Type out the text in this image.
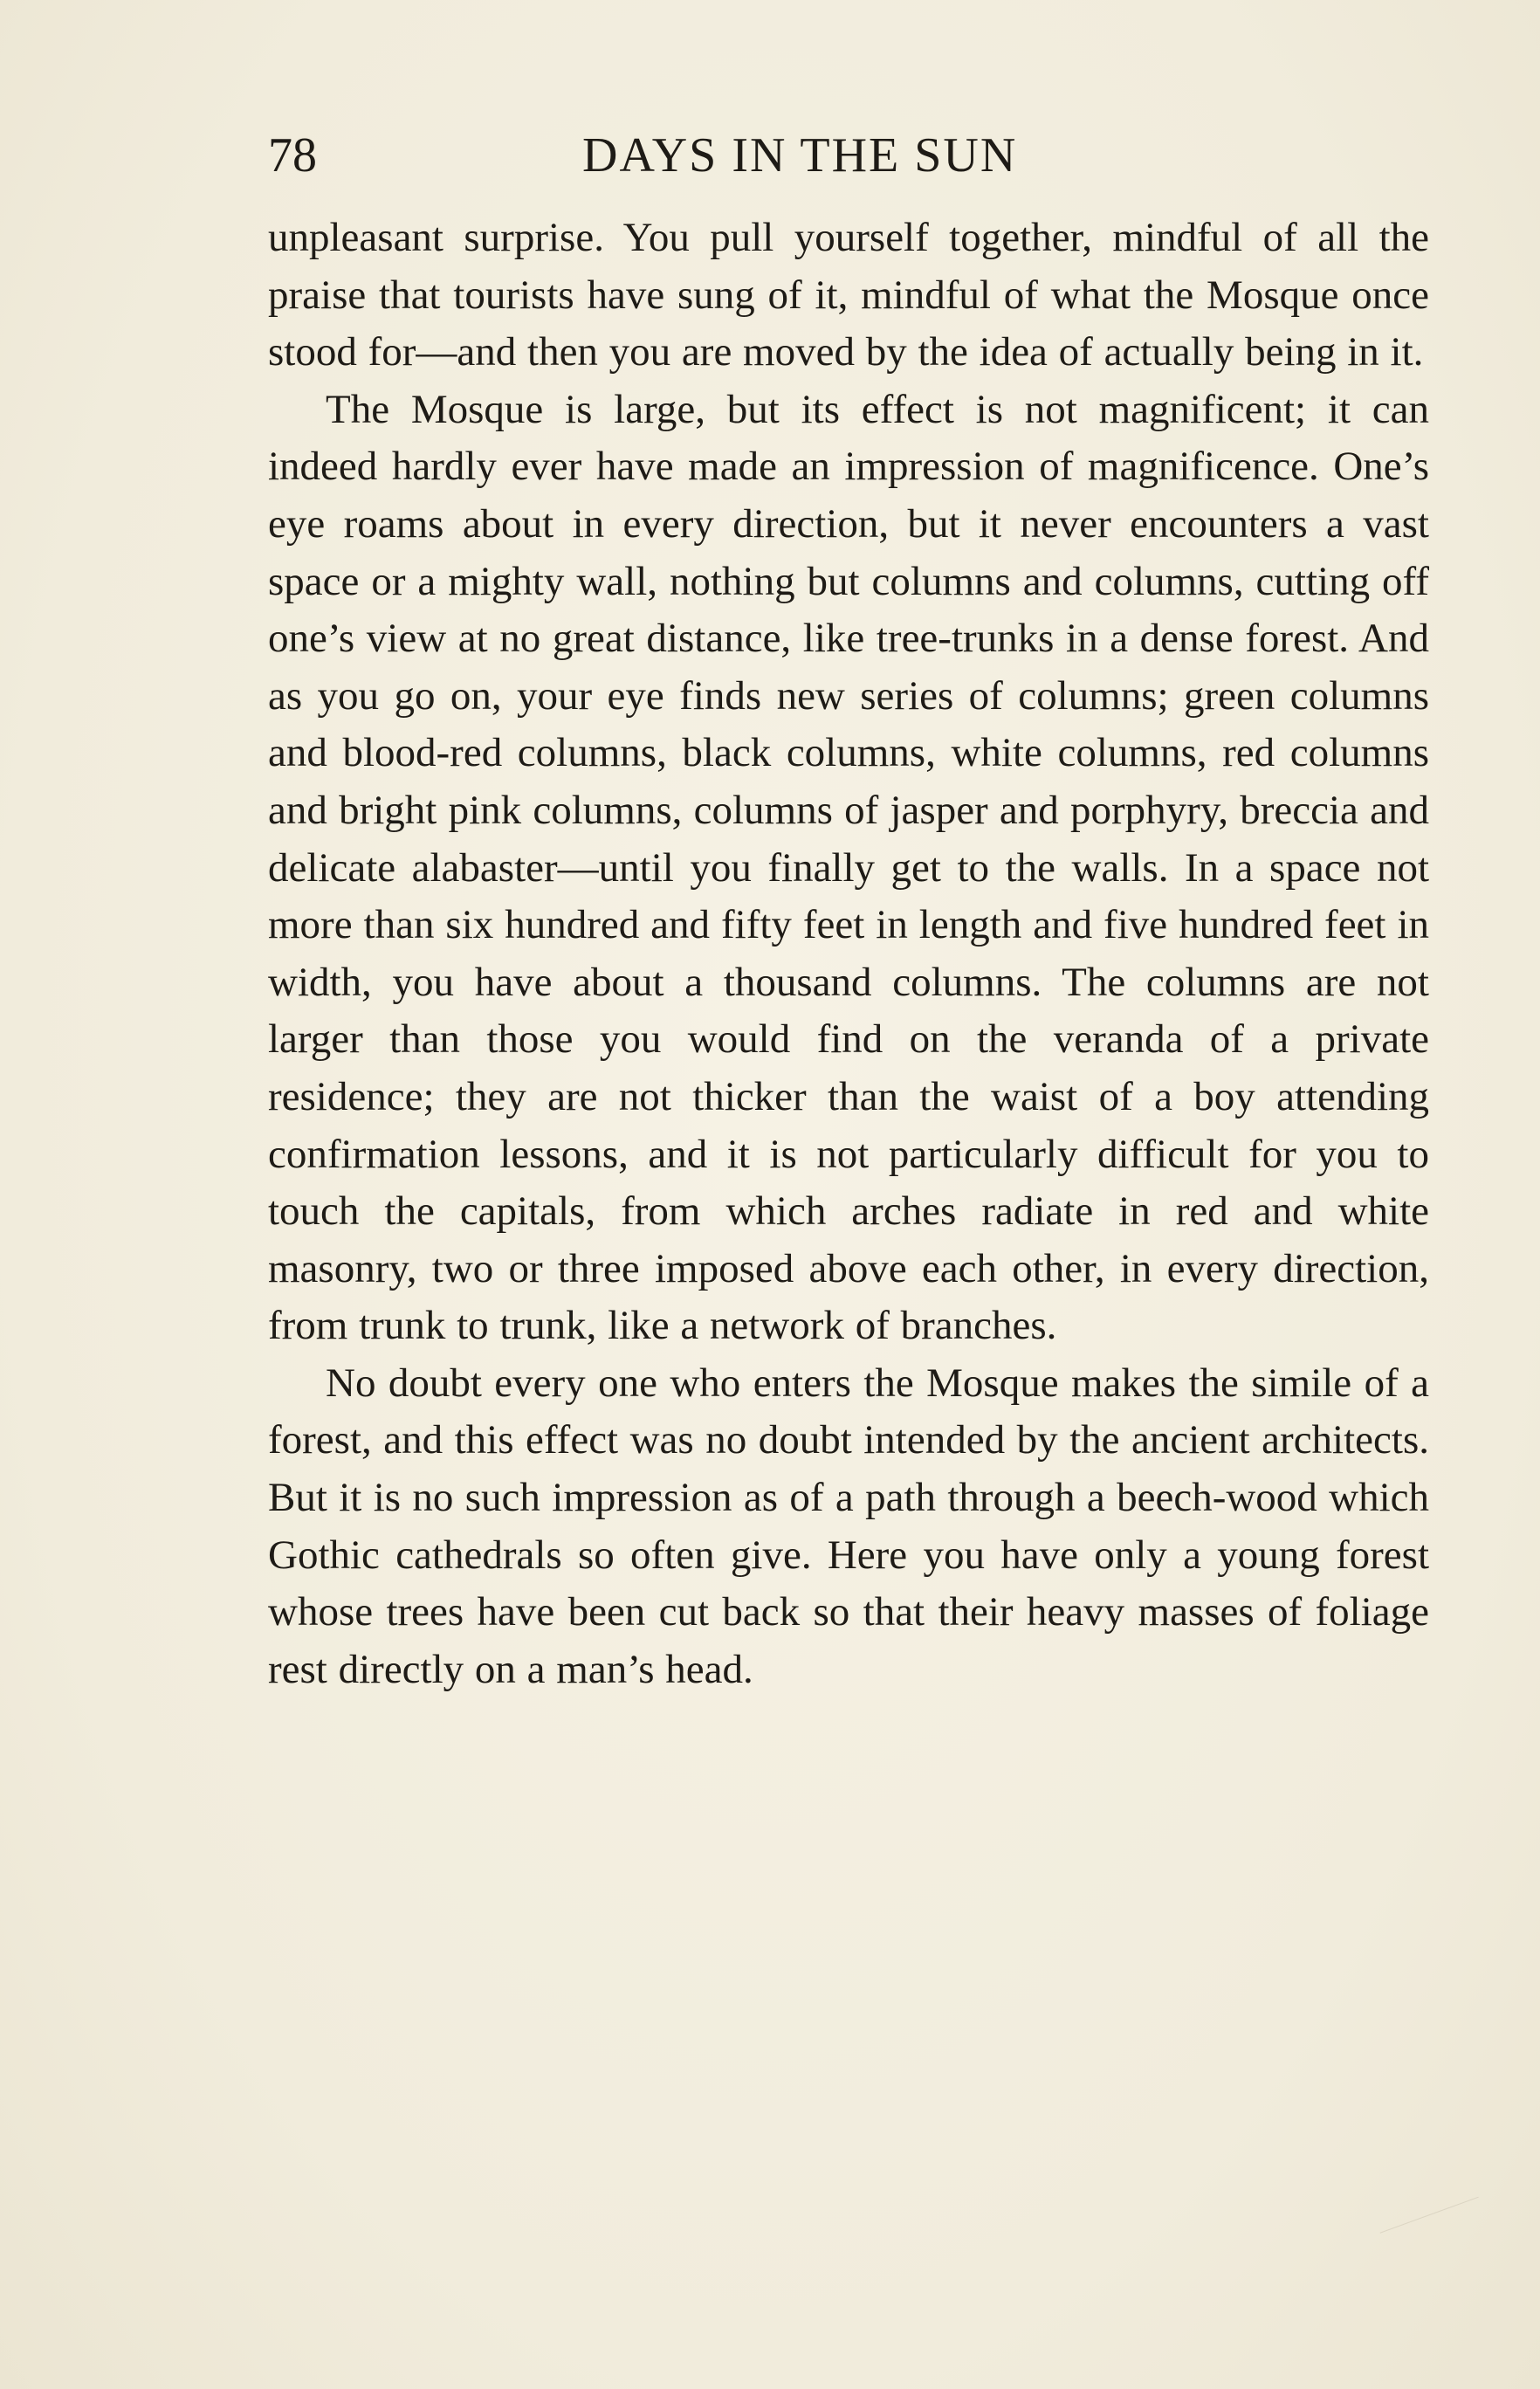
78	DAYS IN THE SUN

unpleasant surprise. You pull yourself together, mindful of all the praise that tourists have sung of it, mindful of what the Mosque once stood for—and then you are moved by the idea of actually being in it.

The Mosque is large, but its effect is not magnificent; it can indeed hardly ever have made an impression of magnificence. One’s eye roams about in every direction, but it never encounters a vast space or a mighty wall, nothing but columns and columns, cutting off one’s view at no great distance, like tree-trunks in a dense forest. And as you go on, your eye finds new series of columns; green columns and blood-red columns, black columns, white columns, red columns and bright pink columns, columns of jasper and porphyry, breccia and delicate alabaster—until you finally get to the walls. In a space not more than six hundred and fifty feet in length and five hundred feet in width, you have about a thousand columns. The columns are not larger than those you would find on the veranda of a private residence; they are not thicker than the waist of a boy attending confirmation lessons, and it is not particularly difficult for you to touch the capitals, from which arches radiate in red and white masonry, two or three imposed above each other, in every direction, from trunk to trunk, like a network of branches.

No doubt every one who enters the Mosque makes the simile of a forest, and this effect was no doubt intended by the ancient architects. But it is no such impression as of a path through a beech-wood which Gothic cathedrals so often give. Here you have only a young forest whose trees have been cut back so that their heavy masses of foliage rest directly on a man’s head.
